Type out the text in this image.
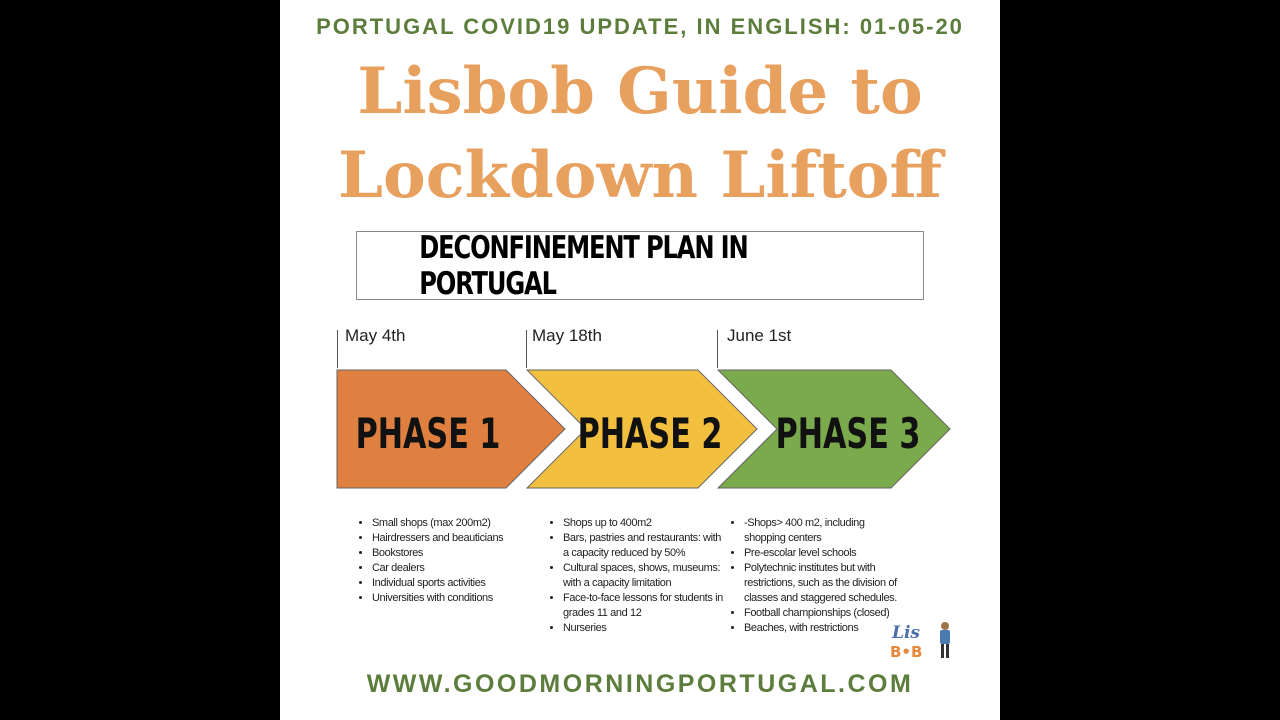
PORTUGAL COVID19 UPDATE, IN ENGLISH: 01-05-20
Lisbob Guide to
Lockdown Liftoff
DECONFINEMENT PLAN IN PORTUGAL
May 4th	May 18th	June 1st
PHASE 1 PHASE 2 PHASE 3
• Small shops (max 200m2)
• Hairdressers and beauticians
• Bookstores
• Car dealers
• Individual sports activities
• Universities with conditions
• Shops up to 400m2
• Bars, pastries and restaurants: with a capacity reduced by 50%
• Cultural spaces, shows, museums: with a capacity limitation
• Face-to-face lessons for students in grades 11 and 12
• Nurseries
• -Shops> 400 m2, including shopping centers
• Pre-escolar level schools
• Polytechnic institutes but with restrictions, such as the division of classes and staggered schedules.
• Football championships (closed)
• Beaches, with restrictions	Lis
B•B
WWW.GOODMORNINGPORTUGAL.COM
